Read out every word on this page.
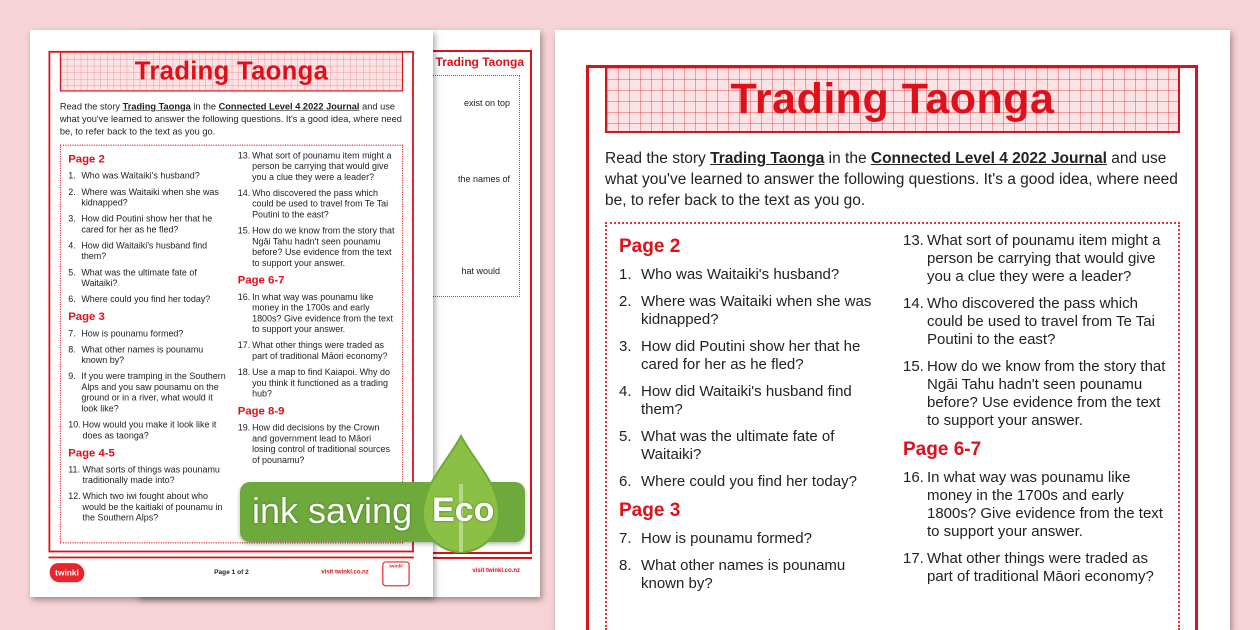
Trading Taonga
exist on top
the names of
hat would
visit twinkl.co.nz
Trading Taonga
Read the story Trading Taonga in the Connected Level 4 2022 Journal and use what you've learned to answer the following questions. It's a good idea, where need be, to refer back to the text as you go.
Page 2
1. Who was Waitaiki's husband?
2. Where was Waitaiki when she was kidnapped?
3. How did Poutini show her that he cared for her as he fled?
4. How did Waitaiki's husband find them?
5. What was the ultimate fate of Waitaiki?
6. Where could you find her today?
Page 3
7. How is pounamu formed?
8. What other names is pounamu known by?
9. If you were tramping in the Southern Alps and you saw pounamu on the ground or in a river, what would it look like?
10. How would you make it look like it does as taonga?
Page 4-5
11. What sorts of things was pounamu traditionally made into?
12. Which two iwi fought about who would be the kaitiaki of pounamu in the Southern Alps?
13. What sort of pounamu item might a person be carrying that would give you a clue they were a leader?
14. Who discovered the pass which could be used to travel from Te Tai Poutini to the east?
15. How do we know from the story that Ngāi Tahu hadn't seen pounamu before? Use evidence from the text to support your answer.
Page 6-7
16. In what way was pounamu like money in the 1700s and early 1800s? Give evidence from the text to support your answer.
17. What other things were traded as part of traditional Māori economy?
18. Use a map to find Kaiapoi. Why do you think it functioned as a trading hub?
Page 8-9
19. How did decisions by the Crown and government lead to Māori losing control of traditional sources of pounamu?
twinkl	Page 1 of 2	visit twinkl.co.nz
twinkl
Trading Taonga
Read the story Trading Taonga in the Connected Level 4 2022 Journal and use what you've learned to answer the following questions. It's a good idea, where need be, to refer back to the text as you go.
Page 2
1. Who was Waitaiki's husband?
2. Where was Waitaiki when she was kidnapped?
3. How did Poutini show her that he cared for her as he fled?
4. How did Waitaiki's husband find them?
5. What was the ultimate fate of Waitaiki?
6. Where could you find her today?
Page 3
7. How is pounamu formed?
8. What other names is pounamu known by?
13. What sort of pounamu item might a person be carrying that would give you a clue they were a leader?
14. Who discovered the pass which could be used to travel from Te Tai Poutini to the east?
15. How do we know from the story that Ngāi Tahu hadn't seen pounamu before? Use evidence from the text to support your answer.
Page 6-7
16. In what way was pounamu like money in the 1700s and early 1800s? Give evidence from the text to support your answer.
17. What other things were traded as part of traditional Māori economy?
ink saving Eco
